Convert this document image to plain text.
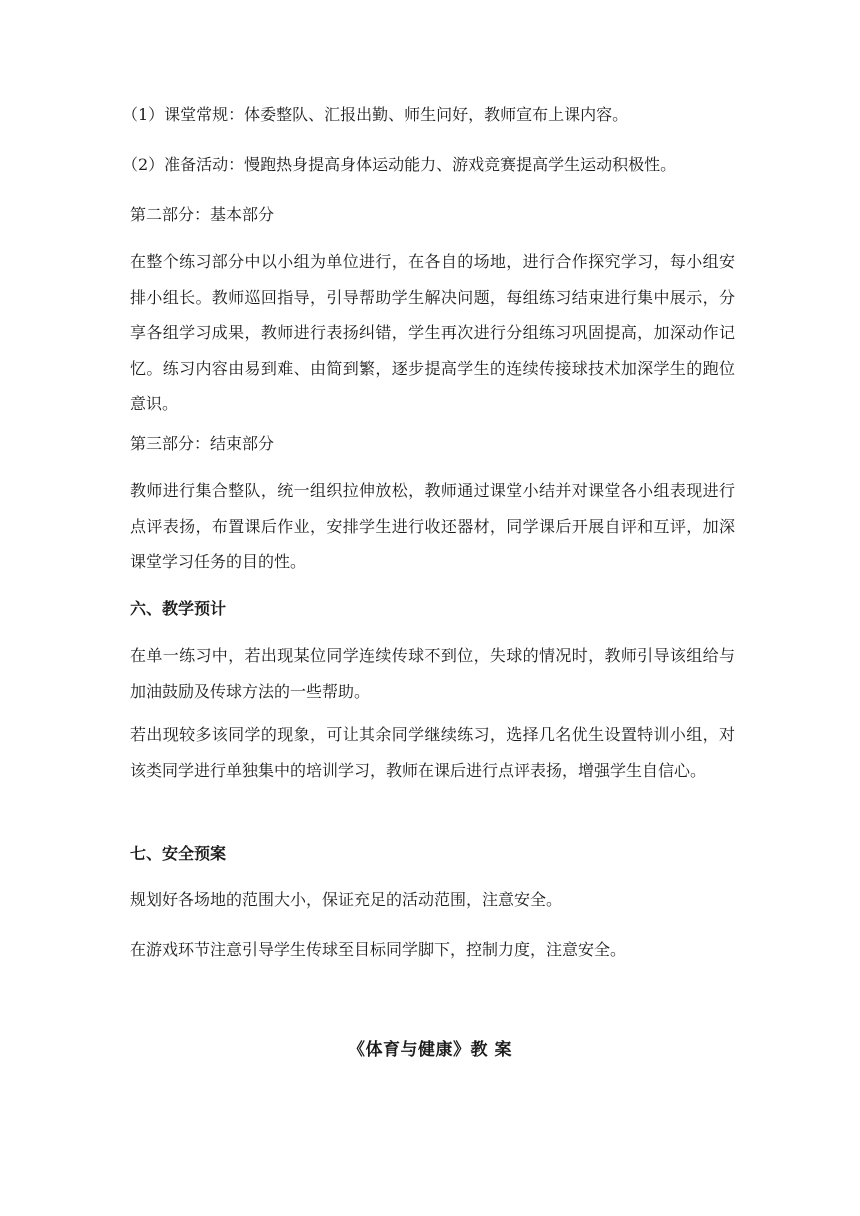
（1）课堂常规：体委整队、汇报出勤、师生问好，教师宣布上课内容。

（2）准备活动：慢跑热身提高身体运动能力、游戏竞赛提高学生运动积极性。

第二部分：基本部分

在整个练习部分中以小组为单位进行，在各自的场地，进行合作探究学习，每小组安排小组长。教师巡回指导，引导帮助学生解决问题，每组练习结束进行集中展示，分享各组学习成果，教师进行表扬纠错，学生再次进行分组练习巩固提高，加深动作记忆。练习内容由易到难、由简到繁，逐步提高学生的连续传接球技术加深学生的跑位意识。

第三部分：结束部分

教师进行集合整队，统一组织拉伸放松，教师通过课堂小结并对课堂各小组表现进行点评表扬，布置课后作业，安排学生进行收还器材，同学课后开展自评和互评，加深课堂学习任务的目的性。

六、教学预计

在单一练习中，若出现某位同学连续传球不到位，失球的情况时，教师引导该组给与加油鼓励及传球方法的一些帮助。

若出现较多该同学的现象，可让其余同学继续练习，选择几名优生设置特训小组，对该类同学进行单独集中的培训学习，教师在课后进行点评表扬，增强学生自信心。

七、安全预案

规划好各场地的范围大小，保证充足的活动范围，注意安全。

在游戏环节注意引导学生传球至目标同学脚下，控制力度，注意安全。

《体育与健康》教 案
